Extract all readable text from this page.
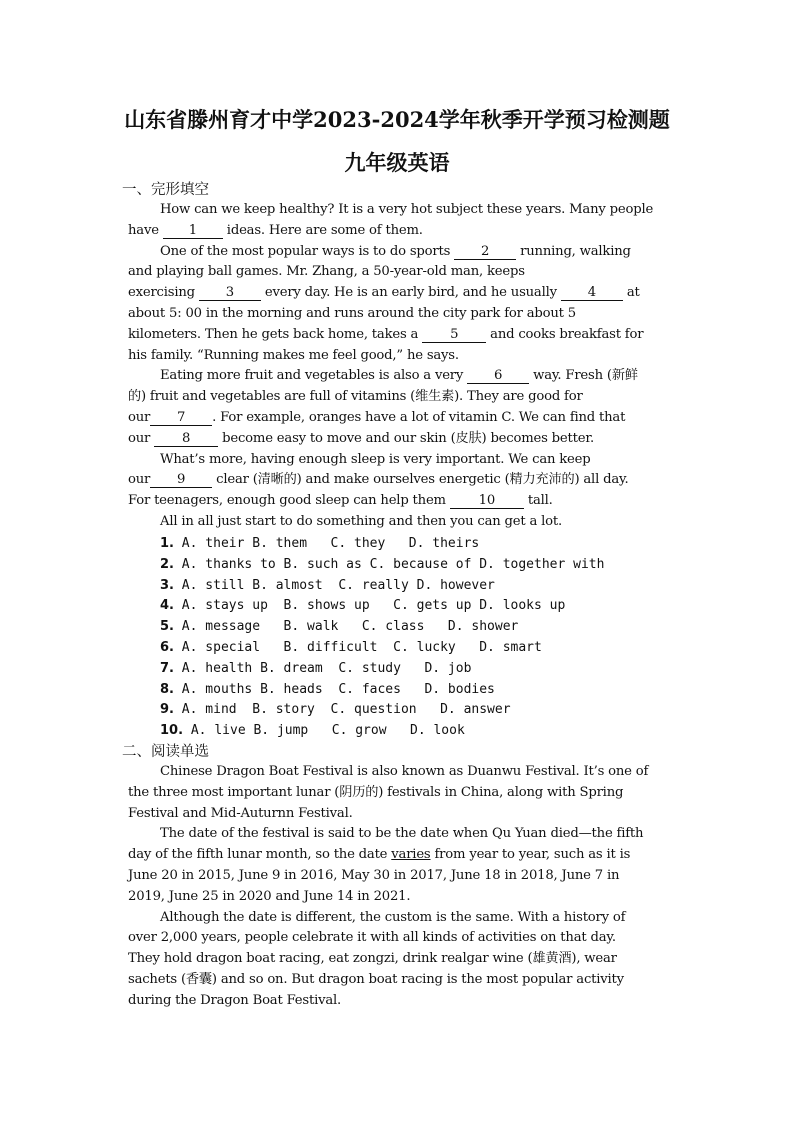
山东省滕州育才中学2023-2024学年秋季开学预习检测题
九年级英语
一、完形填空
How can we keep healthy? It is a very hot subject these years. Many people
have 1 ideas. Here are some of them.
One of the most popular ways is to do sports 2 running, walking
and playing ball games. Mr. Zhang, a 50-year-old man, keeps
exercising 3 every day. He is an early bird, and he usually 4 at
about 5: 00 in the morning and runs around the city park for about 5
kilometers. Then he gets back home, takes a 5 and cooks breakfast for
his family. “Running makes me feel good,” he says.
Eating more fruit and vegetables is also a very 6 way. Fresh (新鲜
的) fruit and vegetables are full of vitamins (维生素). They are good for
our 7 . For example, oranges have a lot of vitamin C. We can find that
our 8 become easy to move and our skin (皮肤) becomes better.
What’s more, having enough sleep is very important. We can keep
our 9 clear (清晰的) and make ourselves energetic (精力充沛的) all day.
For teenagers, enough good sleep can help them 10 tall.
All in all just start to do something and then you can get a lot.
1. A. their B. them   C. they   D. theirs
2. A. thanks to B. such as C. because of D. together with
3. A. still B. almost  C. really D. however
4. A. stays up  B. shows up   C. gets up D. looks up
5. A. message   B. walk   C. class   D. shower
6. A. special   B. difficult  C. lucky   D. smart
7. A. health B. dream  C. study   D. job
8. A. mouths B. heads  C. faces   D. bodies
9. A. mind  B. story  C. question   D. answer
10. A. live B. jump   C. grow   D. look
二、阅读单选
Chinese Dragon Boat Festival is also known as Duanwu Festival. It’s one of
the three most important lunar (阴历的) festivals in China, along with Spring
Festival and Mid-Auturnn Festival.
The date of the festival is said to be the date when Qu Yuan died—the fifth
day of the fifth lunar month, so the date varies from year to year, such as it is
June 20 in 2015, June 9 in 2016, May 30 in 2017, June 18 in 2018, June 7 in
2019, June 25 in 2020 and June 14 in 2021.
Although the date is different, the custom is the same. With a history of
over 2,000 years, people celebrate it with all kinds of activities on that day.
They hold dragon boat racing, eat zongzi, drink realgar wine (雄黄酒), wear
sachets (香囊) and so on. But dragon boat racing is the most popular activity
during the Dragon Boat Festival.
